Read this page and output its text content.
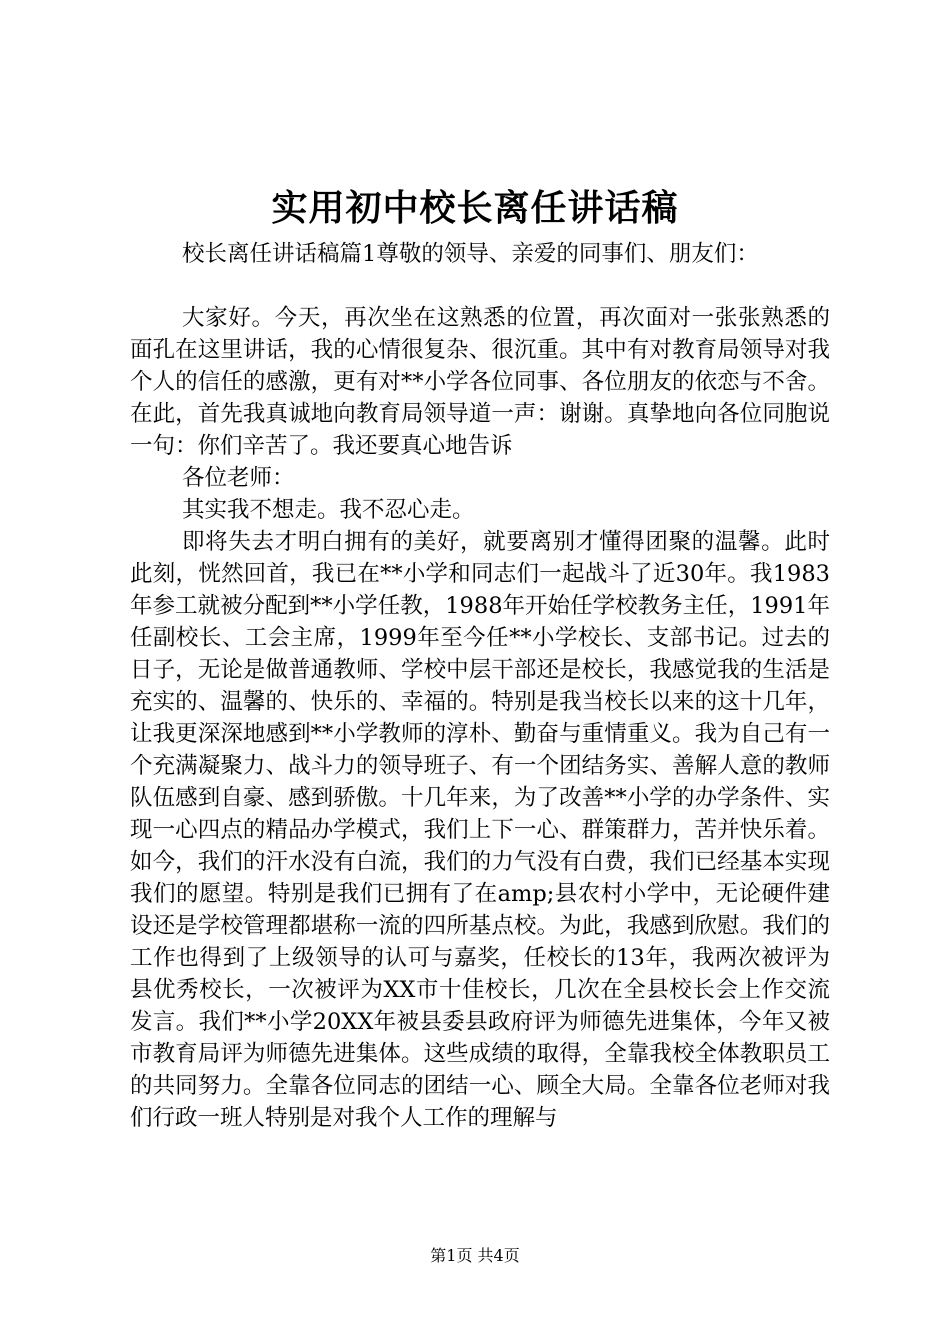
实用初中校长离任讲话稿

校长离任讲话稿篇1尊敬的领导、亲爱的同事们、朋友们：

大家好。今天，再次坐在这熟悉的位置，再次面对一张张熟悉的面孔在这里讲话，我的心情很复杂、很沉重。其中有对教育局领导对我个人的信任的感激，更有对**小学各位同事、各位朋友的依恋与不舍。在此，首先我真诚地向教育局领导道一声：谢谢。真挚地向各位同胞说一句：你们辛苦了。我还要真心地告诉

各位老师：

其实我不想走。我不忍心走。

即将失去才明白拥有的美好，就要离别才懂得团聚的温馨。此时此刻，恍然回首，我已在**小学和同志们一起战斗了近30年。我1983年参工就被分配到**小学任教，1988年开始任学校教务主任，1991年任副校长、工会主席，1999年至今任**小学校长、支部书记。过去的日子，无论是做普通教师、学校中层干部还是校长，我感觉我的生活是充实的、温馨的、快乐的、幸福的。特别是我当校长以来的这十几年，让我更深深地感到**小学教师的淳朴、勤奋与重情重义。我为自己有一个充满凝聚力、战斗力的领导班子、有一个团结务实、善解人意的教师队伍感到自豪、感到骄傲。十几年来，为了改善**小学的办学条件、实现一心四点的精品办学模式，我们上下一心、群策群力，苦并快乐着。如今，我们的汗水没有白流，我们的力气没有白费，我们已经基本实现我们的愿望。特别是我们已拥有了在amp;县农村小学中，无论硬件建设还是学校管理都堪称一流的四所基点校。为此，我感到欣慰。我们的工作也得到了上级领导的认可与嘉奖，任校长的13年，我两次被评为县优秀校长，一次被评为XX市十佳校长，几次在全县校长会上作交流发言。我们**小学20XX年被县委县政府评为师德先进集体，今年又被市教育局评为师德先进集体。这些成绩的取得，全靠我校全体教职员工的共同努力。全靠各位同志的团结一心、顾全大局。全靠各位老师对我们行政一班人特别是对我个人工作的理解与

第1页 共4页
